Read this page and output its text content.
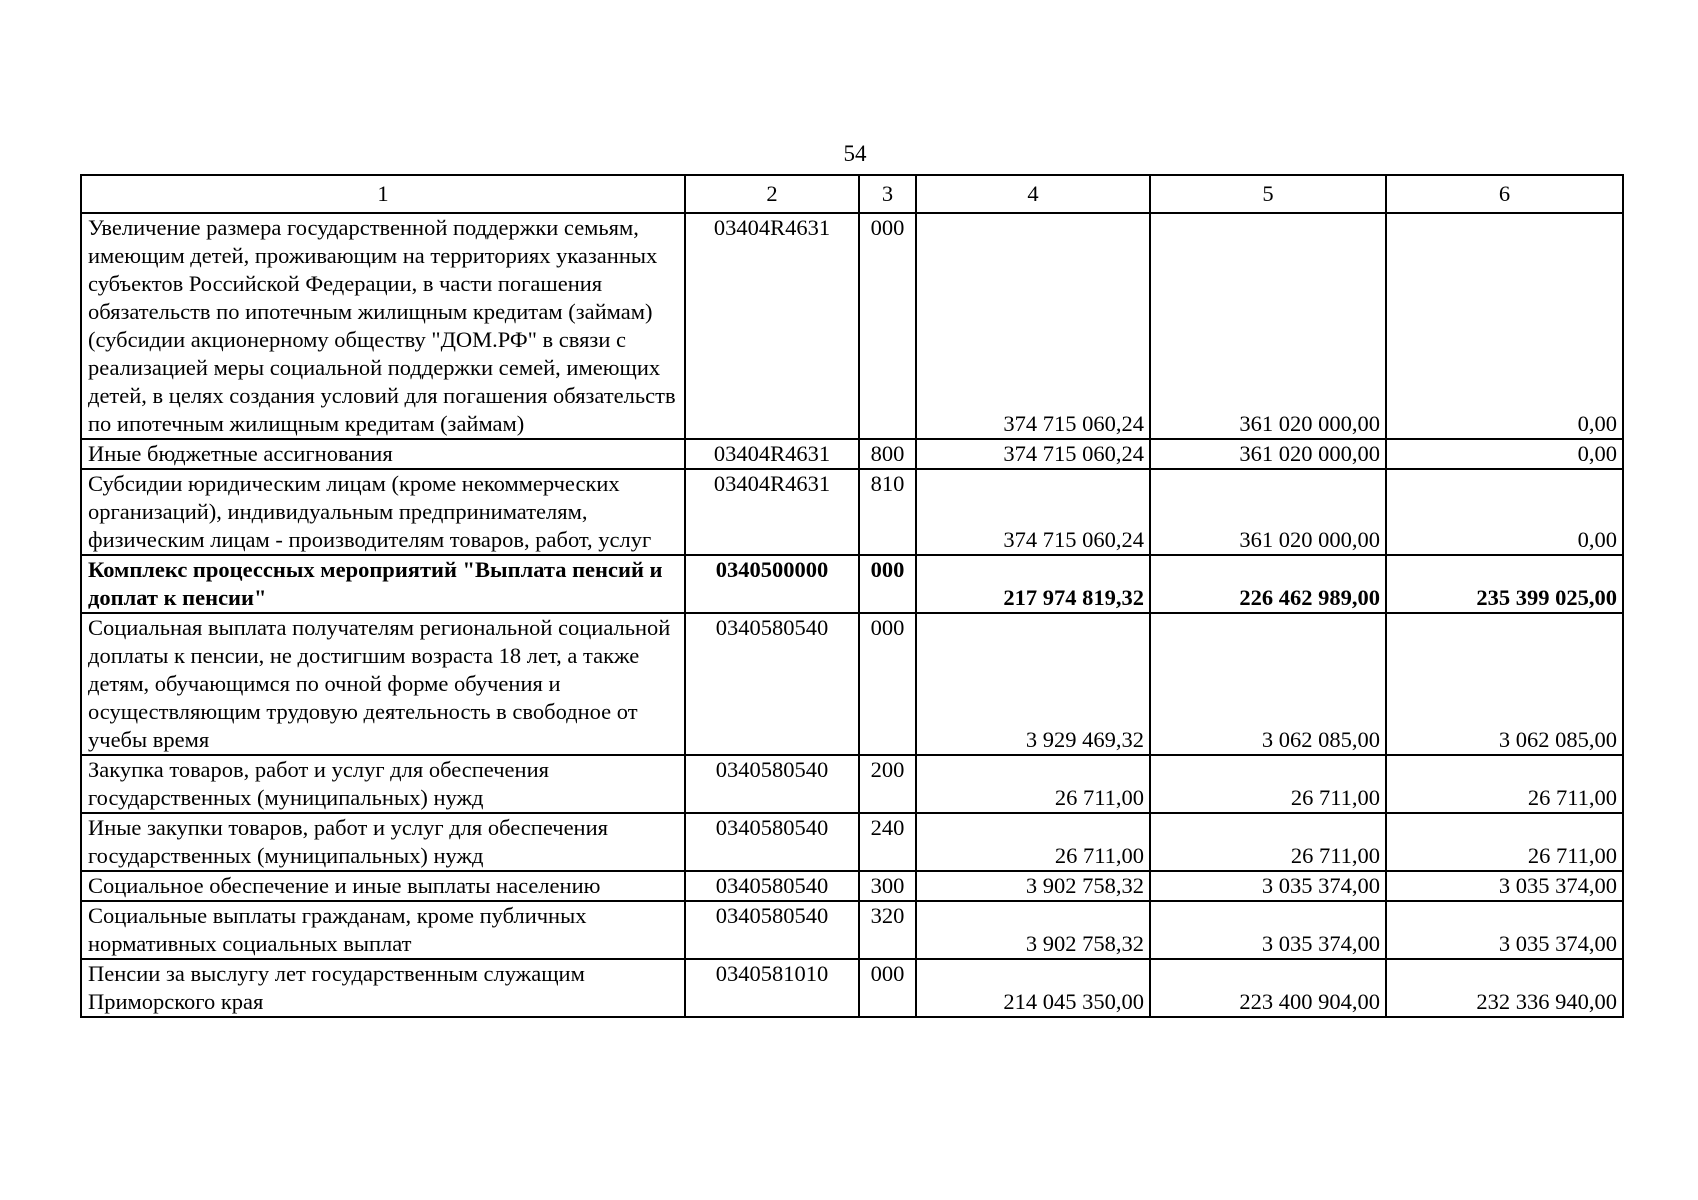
54
1	2	3	4	5	6
Увеличение размера государственной поддержки семьям, имеющим детей, проживающим на территориях указанных субъектов Российской Федерации, в части погашения обязательств по ипотечным жилищным кредитам (займам) (субсидии акционерному обществу "ДОМ.РФ" в связи с реализацией меры социальной поддержки семей, имеющих детей, в целях создания условий для погашения обязательств по ипотечным жилищным кредитам (займам)	03404R4631	000	374 715 060,24	361 020 000,00	0,00
Иные бюджетные ассигнования	03404R4631	800	374 715 060,24	361 020 000,00	0,00
Субсидии юридическим лицам (кроме некоммерческих организаций), индивидуальным предпринимателям, физическим лицам - производителям товаров, работ, услуг	03404R4631	810	374 715 060,24	361 020 000,00	0,00
Комплекс процессных мероприятий "Выплата пенсий и доплат к пенсии"	0340500000	000	217 974 819,32	226 462 989,00	235 399 025,00
Социальная выплата получателям региональной социальной доплаты к пенсии, не достигшим возраста 18 лет, а также детям, обучающимся по очной форме обучения и осуществляющим трудовую деятельность в свободное от учебы время	0340580540	000	3 929 469,32	3 062 085,00	3 062 085,00
Закупка товаров, работ и услуг для обеспечения государственных (муниципальных) нужд	0340580540	200	26 711,00	26 711,00	26 711,00
Иные закупки товаров, работ и услуг для обеспечения государственных (муниципальных) нужд	0340580540	240	26 711,00	26 711,00	26 711,00
Социальное обеспечение и иные выплаты населению	0340580540	300	3 902 758,32	3 035 374,00	3 035 374,00
Социальные выплаты гражданам, кроме публичных нормативных социальных выплат	0340580540	320	3 902 758,32	3 035 374,00	3 035 374,00
Пенсии за выслугу лет государственным служащим Приморского края	0340581010	000	214 045 350,00	223 400 904,00	232 336 940,00
